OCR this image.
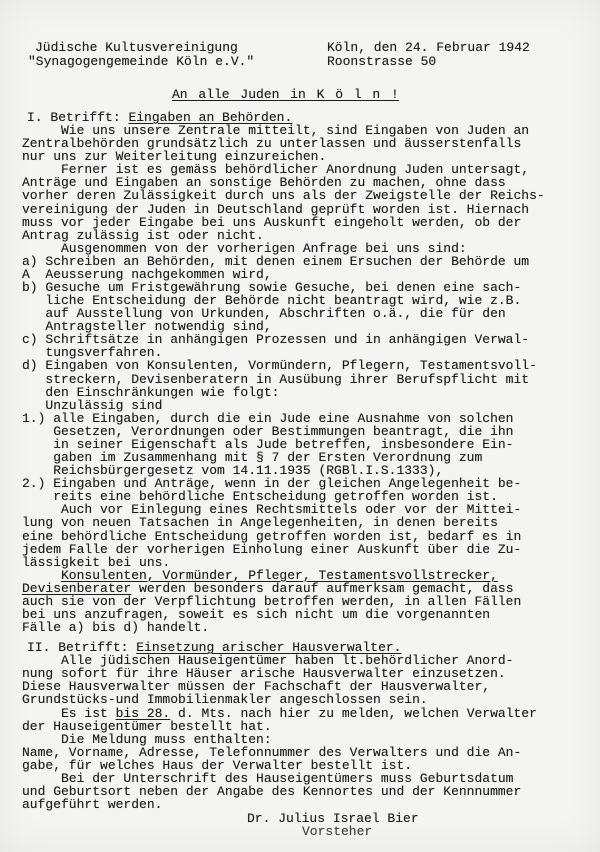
Jüdische Kultusvereinigung
"Synagogengemeinde Köln e.V."
Köln, den 24. Februar 1942
Roonstrasse 50
An alle Juden in K ö l n !
I. Betrifft: Eingaben an Behörden.
Wie uns unsere Zentrale mitteilt, sind Eingaben von Juden an
Zentralbehörden grundsätzlich zu unterlassen und äusserstenfalls
nur uns zur Weiterleitung einzureichen.
Ferner ist es gemäss behördlicher Anordnung Juden untersagt,
Anträge und Eingaben an sonstige Behörden zu machen, ohne dass
vorher deren Zulässigkeit durch uns als der Zweigstelle der Reichs-
vereinigung der Juden in Deutschland geprüft worden ist. Hiernach
muss vor jeder Eingabe bei uns Auskunft eingeholt werden, ob der
Antrag zulässig ist oder nicht.
Ausgenommen von der vorherigen Anfrage bei uns sind:
a) Schreiben an Behörden, mit denen einem Ersuchen der Behörde um
A Aeusserung nachgekommen wird,
b) Gesuche um Fristgewährung sowie Gesuche, bei denen eine sach-
liche Entscheidung der Behörde nicht beantragt wird, wie z.B.
auf Ausstellung von Urkunden, Abschriften o.ä., die für den
Antragsteller notwendig sind,
c) Schriftsätze in anhängigen Prozessen und in anhängigen Verwal-
tungsverfahren.
d) Eingaben von Konsulenten, Vormündern, Pflegern, Testamentsvoll-
streckern, Devisenberatern in Ausübung ihrer Berufspflicht mit
den Einschränkungen wie folgt:
Unzulässig sind
1.) alle Eingaben, durch die ein Jude eine Ausnahme von solchen
Gesetzen, Verordnungen oder Bestimmungen beantragt, die ihn
in seiner Eigenschaft als Jude betreffen, insbesondere Ein-
gaben im Zusammenhang mit § 7 der Ersten Verordnung zum
Reichsbürgergesetz vom 14.11.1935 (RGBl.I.S.1333),
2.) Eingaben und Anträge, wenn in der gleichen Angelegenheit be-
reits eine behördliche Entscheidung getroffen worden ist.
Auch vor Einlegung eines Rechtsmittels oder vor der Mittei-
lung von neuen Tatsachen in Angelegenheiten, in denen bereits
eine behördliche Entscheidung getroffen worden ist, bedarf es in
jedem Falle der vorherigen Einholung einer Auskunft über die Zu-
lässigkeit bei uns.
Konsulenten, Vormünder, Pfleger, Testamentsvollstrecker,
Devisenberater werden besonders darauf aufmerksam gemacht, dass
auch sie von der Verpflichtung betroffen werden, in allen Fällen
bei uns anzufragen, soweit es sich nicht um die vorgenannten
Fälle a) bis d) handelt.
II. Betrifft: Einsetzung arischer Hausverwalter.
Alle jüdischen Hauseigentümer haben lt.behördlicher Anord-
nung sofort für ihre Häuser arische Hausverwalter einzusetzen.
Diese Hausverwalter müssen der Fachschaft der Hausverwalter,
Grundstücks-und Immobilienmakler angeschlossen sein.
Es ist bis 28. d. Mts. nach hier zu melden, welchen Verwalter
der Hauseigentümer bestellt hat.
Die Meldung muss enthalten:
Name, Vorname, Adresse, Telefonnummer des Verwalters und die An-
gabe, für welches Haus der Verwalter bestellt ist.
Bei der Unterschrift des Hauseigentümers muss Geburtsdatum
und Geburtsort neben der Angabe des Kennortes und der Kennnummer
aufgeführt werden.
Dr. Julius Israel Bier
Vorsteher
